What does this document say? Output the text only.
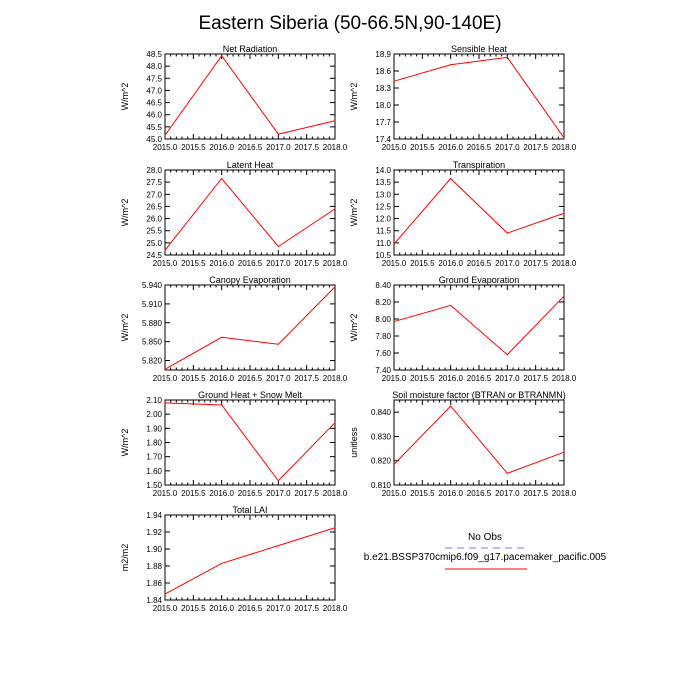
Eastern Siberia (50-66.5N,90-140E)
Net Radiation
2015.0 2015.5 2016.0 2016.5 2017.0 2017.5 2018.0
45.0
45.5
46.0
46.5
47.0
47.5
48.0
48.5
W/m^2
Sensible Heat
2015.0 2015.5 2016.0 2016.5 2017.0 2017.5 2018.0
17.4
17.7
18.0
18.3
18.6
18.9
W/m^2
Latent Heat
2015.0 2015.5 2016.0 2016.5 2017.0 2017.5 2018.0
24.5
25.0
25.5
26.0
26.5
27.0
27.5
28.0
W/m^2
Transpiration
2015.0 2015.5 2016.0 2016.5 2017.0 2017.5 2018.0
10.5
11.0
11.5
12.0
12.5
13.0
13.5
14.0
W/m^2
Canopy Evaporation
2015.0 2015.5 2016.0 2016.5 2017.0 2017.5 2018.0
5.820
5.850
5.880
5.910
5.940
W/m^2
Ground Evaporation
2015.0 2015.5 2016.0 2016.5 2017.0 2017.5 2018.0
7.40
7.60
7.80
8.00
8.20
8.40
W/m^2
Ground Heat + Snow Melt
2015.0 2015.5 2016.0 2016.5 2017.0 2017.5 2018.0
1.50
1.60
1.70
1.80
1.90
2.00
2.10
W/m^2
Soil moisture factor (BTRAN or BTRANMN)
2015.0 2015.5 2016.0 2016.5 2017.0 2017.5 2018.0
0.810
0.820
0.830
0.840
unitless
Total LAI
2015.0 2015.5 2016.0 2016.5 2017.0 2017.5 2018.0
1.84
1.86
1.88
1.90
1.92
1.94
m2/m2
No Obs
b.e21.BSSP370cmip6.f09_g17.pacemaker_pacific.005
